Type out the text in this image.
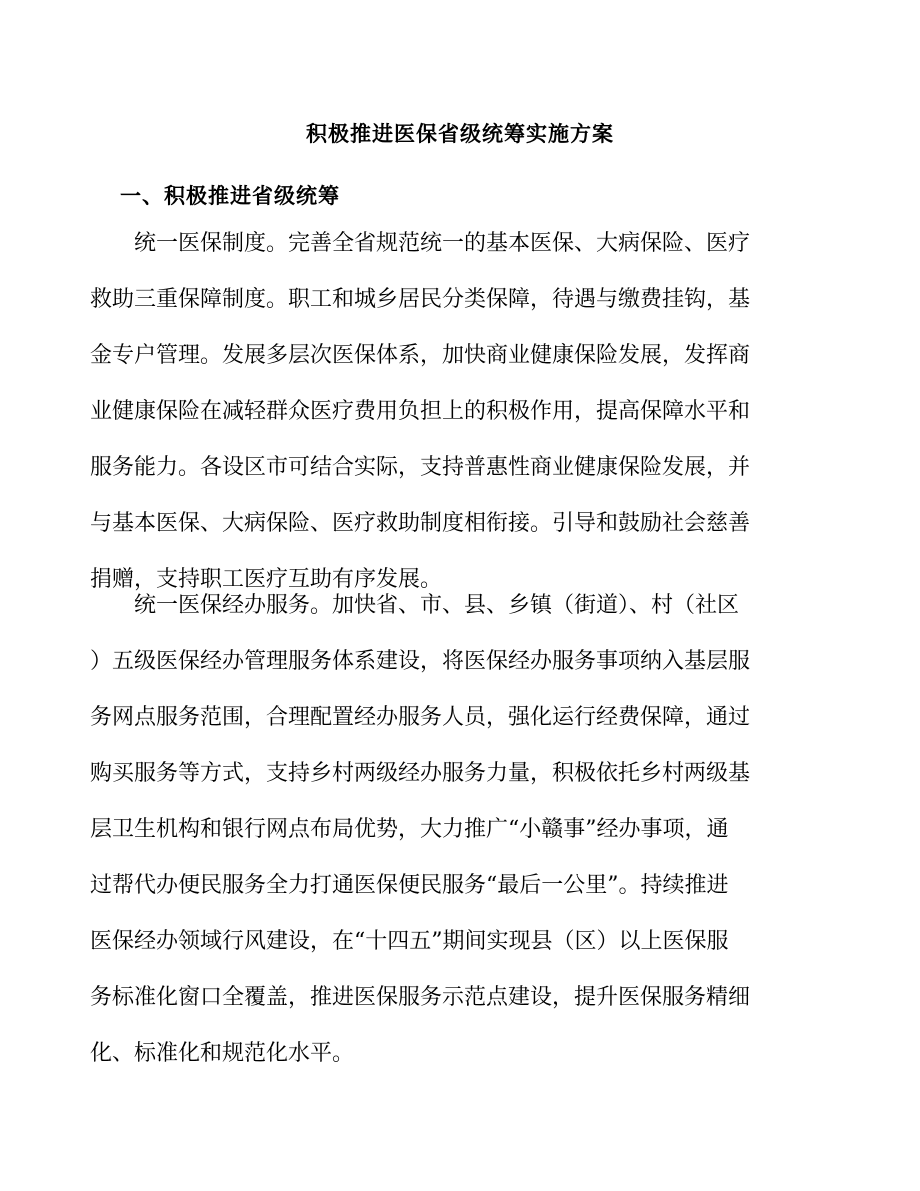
积极推进医保省级统筹实施方案
一、积极推进省级统筹
统一医保制度。完善全省规范统一的基本医保、大病保险、医疗
救助三重保障制度。职工和城乡居民分类保障，待遇与缴费挂钩，基
金专户管理。发展多层次医保体系，加快商业健康保险发展，发挥商
业健康保险在减轻群众医疗费用负担上的积极作用，提高保障水平和
服务能力。各设区市可结合实际，支持普惠性商业健康保险发展，并
与基本医保、大病保险、医疗救助制度相衔接。引导和鼓励社会慈善
捐赠，支持职工医疗互助有序发展。
统一医保经办服务。加快省、市、县、乡镇（街道）、村（社区
）五级医保经办管理服务体系建设，将医保经办服务事项纳入基层服
务网点服务范围，合理配置经办服务人员，强化运行经费保障，通过
购买服务等方式，支持乡村两级经办服务力量，积极依托乡村两级基
层卫生机构和银行网点布局优势，大力推广“小赣事”经办事项，通
过帮代办便民服务全力打通医保便民服务“最后一公里”。持续推进
医保经办领域行风建设，在“十四五”期间实现县（区）以上医保服
务标准化窗口全覆盖，推进医保服务示范点建设，提升医保服务精细
化、标准化和规范化水平。
